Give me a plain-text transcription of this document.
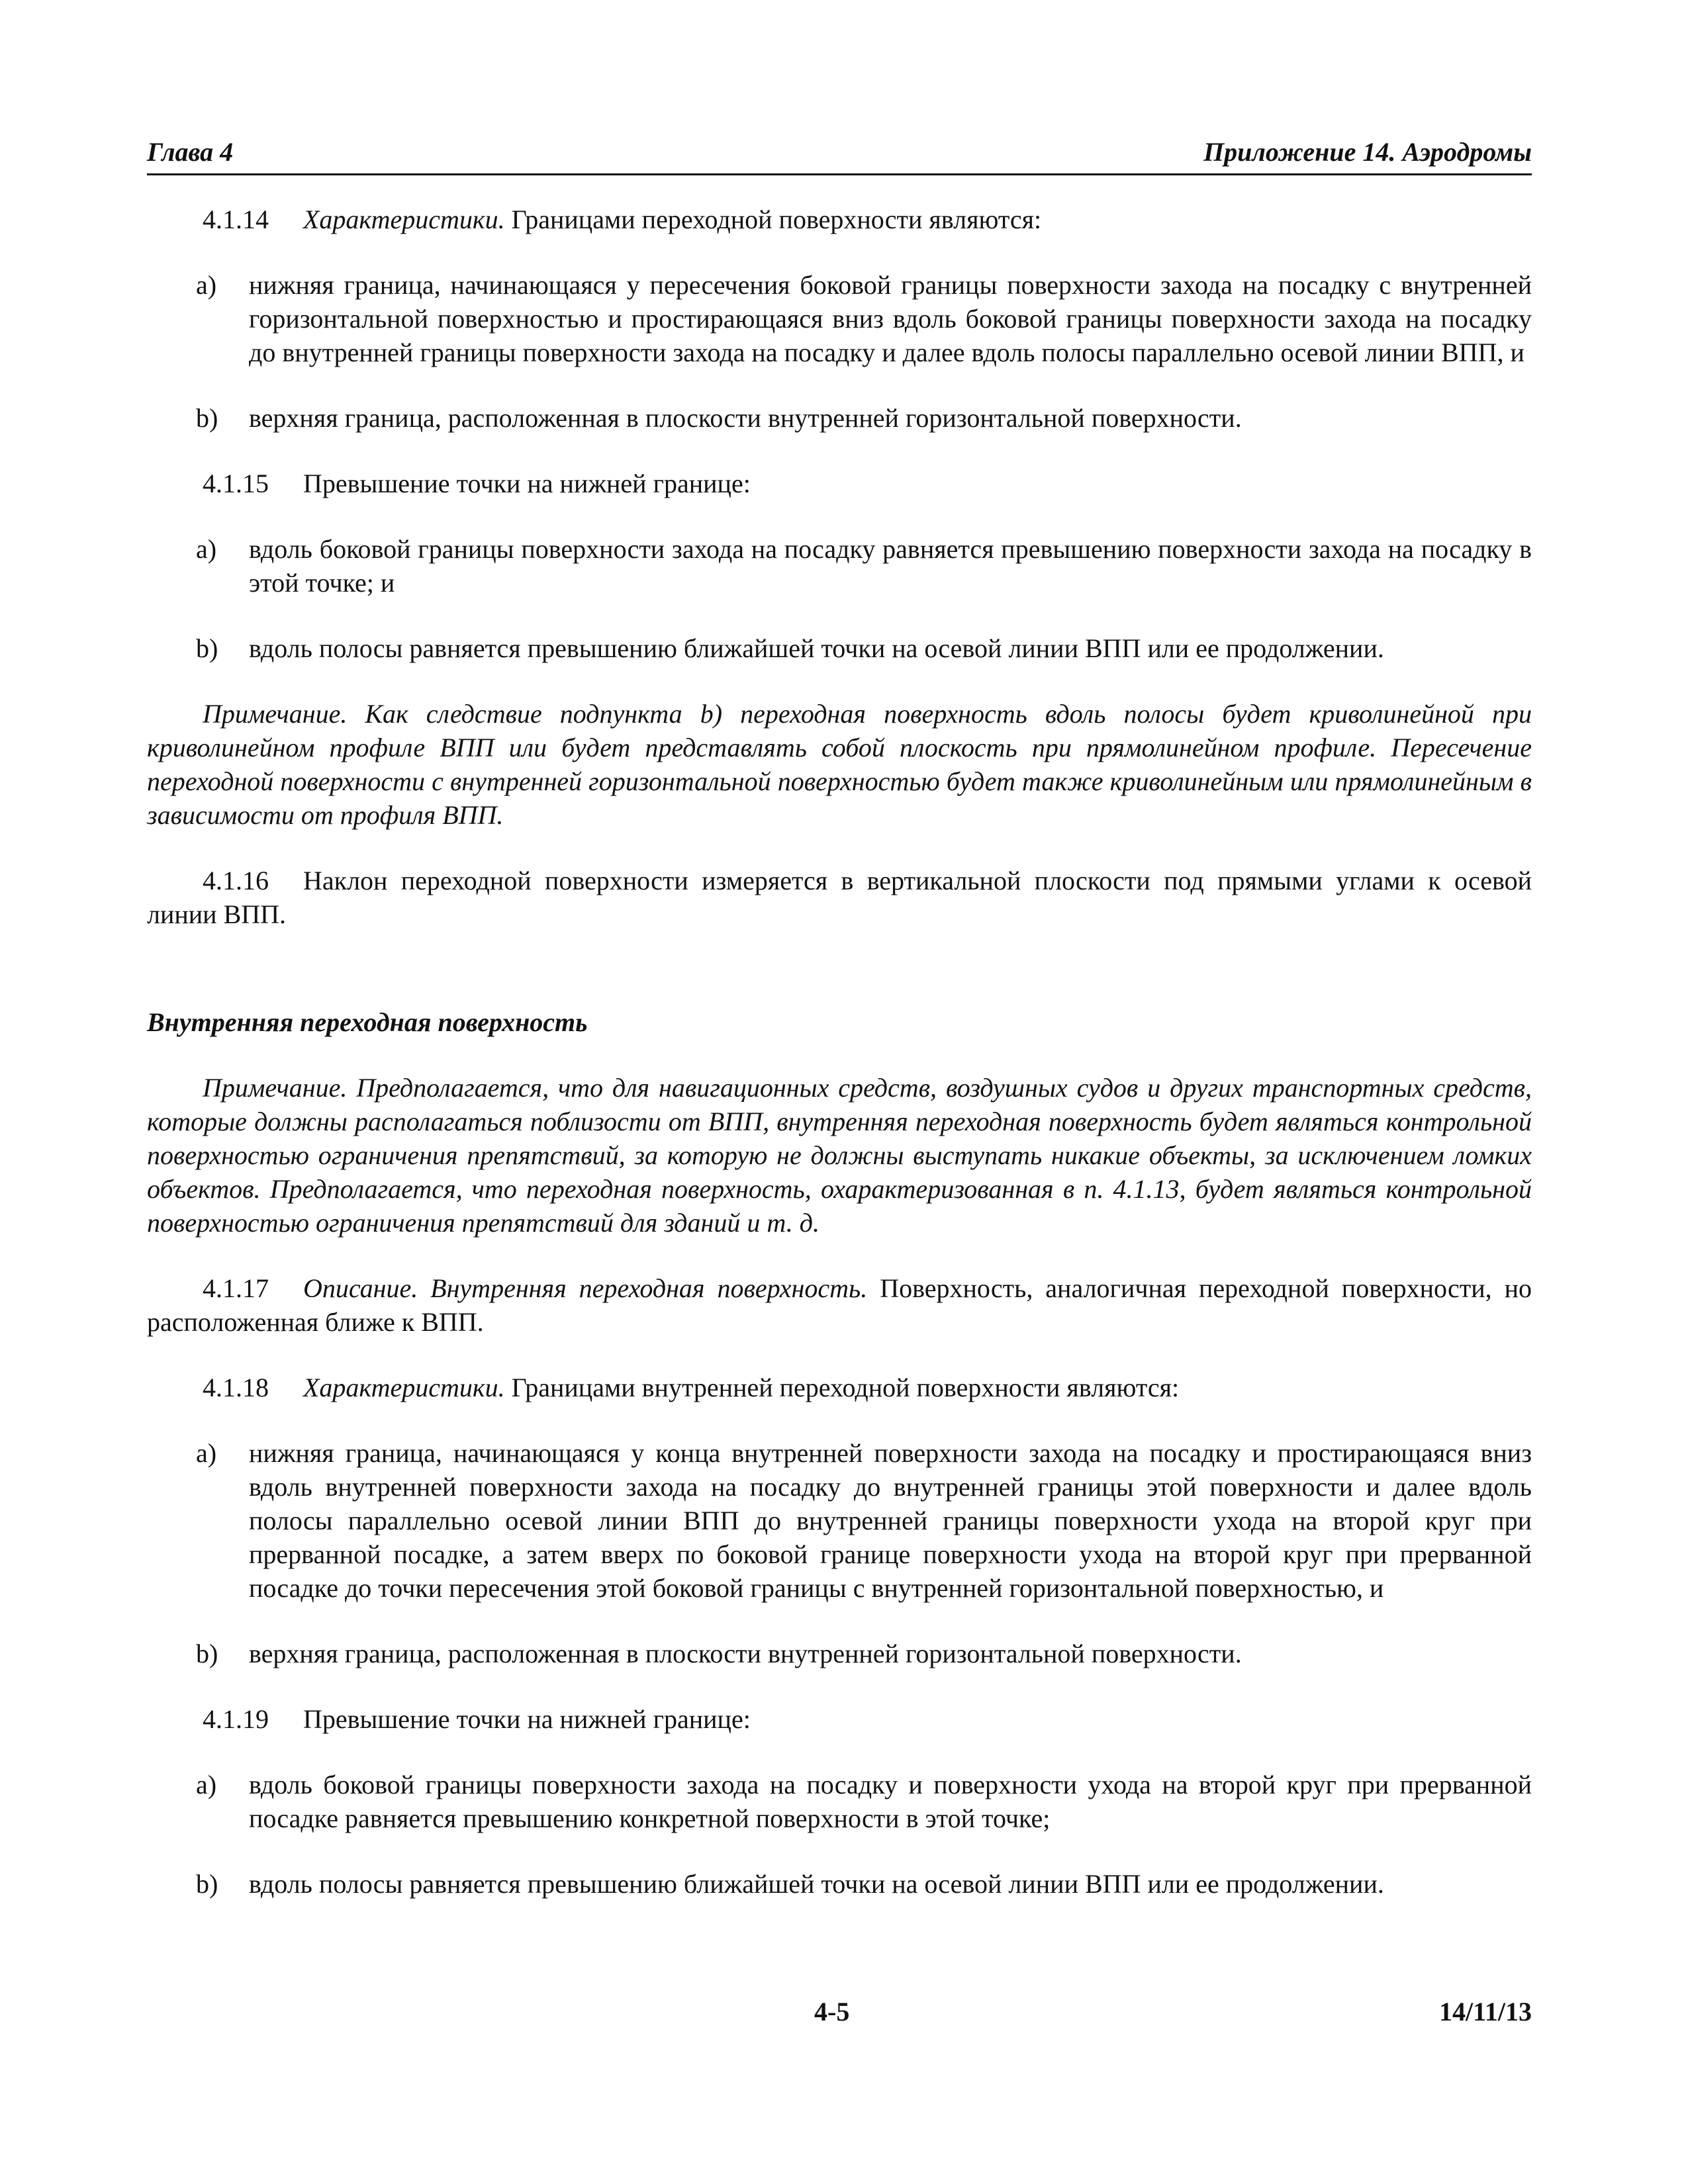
Глава 4	Приложение 14. Аэродромы

4.1.14 Характеристики. Границами переходной поверхности являются:

a) нижняя граница, начинающаяся у пересечения боковой границы поверхности захода на посадку с внутренней горизонтальной поверхностью и простирающаяся вниз вдоль боковой границы поверхности захода на посадку до внутренней границы поверхности захода на посадку и далее вдоль полосы параллельно осевой линии ВПП, и
b) верхняя граница, расположенная в плоскости внутренней горизонтальной поверхности.

4.1.15 Превышение точки на нижней границе:

a) вдоль боковой границы поверхности захода на посадку равняется превышению поверхности захода на посадку в этой точке; и
b) вдоль полосы равняется превышению ближайшей точки на осевой линии ВПП или ее продолжении.

Примечание. Как следствие подпункта b) переходная поверхность вдоль полосы будет криволинейной при криволинейном профиле ВПП или будет представлять собой плоскость при прямолинейном профиле. Пересечение переходной поверхности с внутренней горизонтальной поверхностью будет также криволинейным или прямолинейным в зависимости от профиля ВПП.

4.1.16 Наклон переходной поверхности измеряется в вертикальной плоскости под прямыми углами к осевой линии ВПП.

Внутренняя переходная поверхность

Примечание. Предполагается, что для навигационных средств, воздушных судов и других транспортных средств, которые должны располагаться поблизости от ВПП, внутренняя переходная поверхность будет являться контрольной поверхностью ограничения препятствий, за которую не должны выступать никакие объекты, за исключением ломких объектов. Предполагается, что переходная поверхность, охарактеризованная в п. 4.1.13, будет являться контрольной поверхностью ограничения препятствий для зданий и т. д.

4.1.17 Описание. Внутренняя переходная поверхность. Поверхность, аналогичная переходной поверхности, но расположенная ближе к ВПП.

4.1.18 Характеристики. Границами внутренней переходной поверхности являются:

a) нижняя граница, начинающаяся у конца внутренней поверхности захода на посадку и простирающаяся вниз вдоль внутренней поверхности захода на посадку до внутренней границы этой поверхности и далее вдоль полосы параллельно осевой линии ВПП до внутренней границы поверхности ухода на второй круг при прерванной посадке, а затем вверх по боковой границе поверхности ухода на второй круг при прерванной посадке до точки пересечения этой боковой границы с внутренней горизонтальной поверхностью, и
b) верхняя граница, расположенная в плоскости внутренней горизонтальной поверхности.

4.1.19 Превышение точки на нижней границе:

a) вдоль боковой границы поверхности захода на посадку и поверхности ухода на второй круг при прерванной посадке равняется превышению конкретной поверхности в этой точке;
b) вдоль полосы равняется превышению ближайшей точки на осевой линии ВПП или ее продолжении.
4-5	14/11/13
